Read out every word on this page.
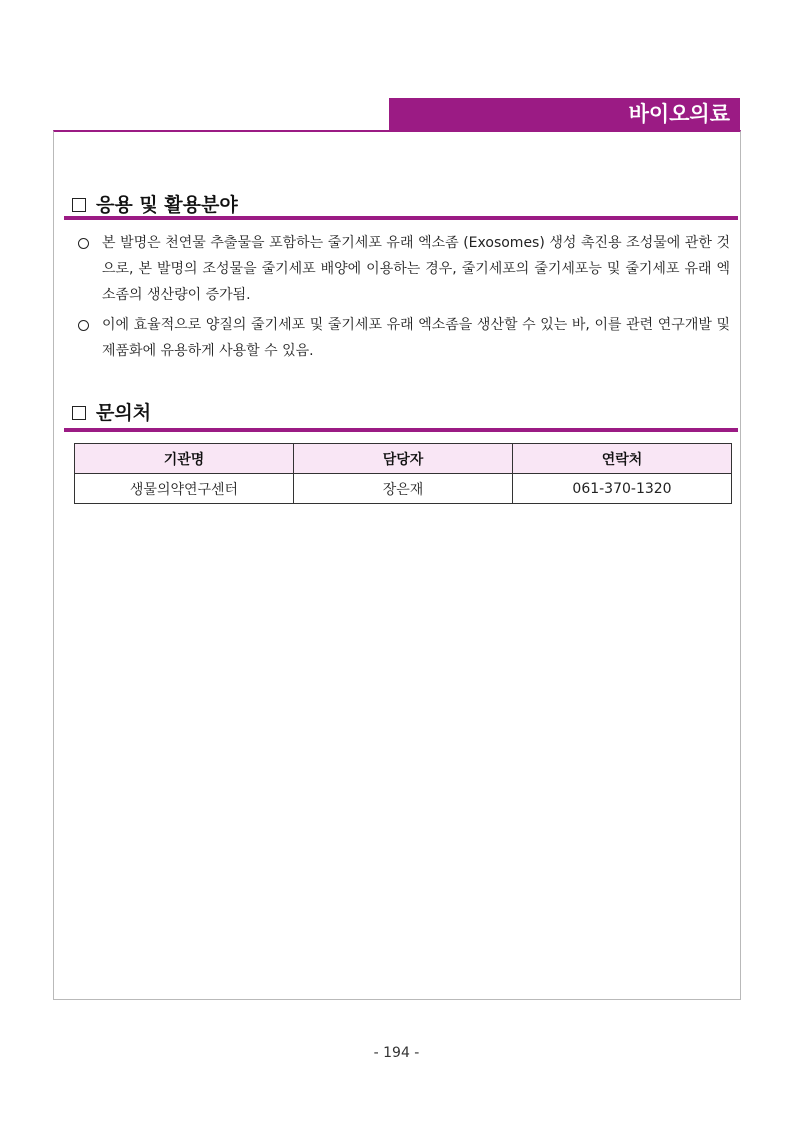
바이오의료
응용 및 활용분야
본 발명은 천연물 추출물을 포함하는 줄기세포 유래 엑소좀 (Exosomes) 생성 촉진용 조성물에 관한 것으로, 본 발명의 조성물을 줄기세포 배양에 이용하는 경우, 줄기세포의 줄기세포능 및 줄기세포 유래 엑소좀의 생산량이 증가됨.
이에 효율적으로 양질의 줄기세포 및 줄기세포 유래 엑소좀을 생산할 수 있는 바, 이를 관련 연구개발 및 제품화에 유용하게 사용할 수 있음.
문의처
기관명	담당자	연락처
생물의약연구센터	장은재	061-370-1320
- 194 -
